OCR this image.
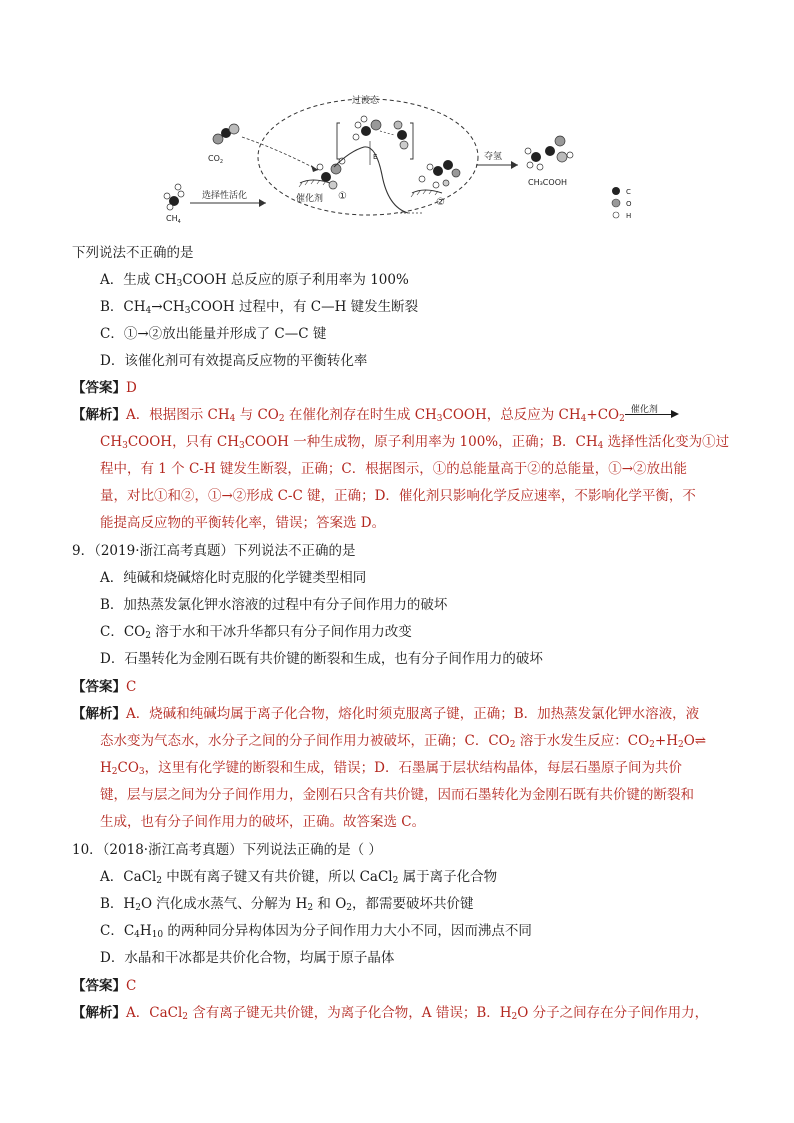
过渡态
$CO_2$
$CH_4$
选择性活化	催化剂 ①
E
②
夺氢
CH₃COOH
C
O
H
下列说法不正确的是
A．生成 $CH_3COOH$ 总反应的原子利用率为 100%
B．$CH_4\to CH_3COOH$ 过程中，有 C—H 键发生断裂
C．①→②放出能量并形成了 C—C 键
D．该催化剂可有效提高反应物的平衡转化率
【答案】D
【解析】A．根据图示 $CH_4$ 与 $CO_2$ 在催化剂存在时生成 $CH_3COOH$，总反应为 $CH_4+CO_2$
催化剂
$CH_3COOH$，只有 $CH_3COOH$ 一种生成物，原子利用率为 100%，正确；B．$CH_4$ 选择性活化变为①过
程中，有 1 个 C-H 键发生断裂，正确；C．根据图示，①的总能量高于②的总能量，①→②放出能
量，对比①和②，①→②形成 C-C 键，正确；D．催化剂只影响化学反应速率，不影响化学平衡，不
能提高反应物的平衡转化率，错误；答案选 D。
9．（2019·浙江高考真题）下列说法不正确的是
A．纯碱和烧碱熔化时克服的化学键类型相同
B．加热蒸发氯化钾水溶液的过程中有分子间作用力的破坏
C．$CO_2$ 溶于水和干冰升华都只有分子间作用力改变
D．石墨转化为金刚石既有共价键的断裂和生成，也有分子间作用力的破坏
【答案】C
【解析】A．烧碱和纯碱均属于离子化合物，熔化时须克服离子键，正确；B．加热蒸发氯化钾水溶液，液
态水变为气态水，水分子之间的分子间作用力被破坏，正确；C．$CO_2$ 溶于水发生反应：$CO_2+H_2O\rightleftharpoons$
$H_2CO_3$，这里有化学键的断裂和生成，错误；D．石墨属于层状结构晶体，每层石墨原子间为共价
键，层与层之间为分子间作用力，金刚石只含有共价键，因而石墨转化为金刚石既有共价键的断裂和
生成，也有分子间作用力的破坏，正确。故答案选 C。
10．（2018·浙江高考真题）下列说法正确的是（ ）
A．CaCl$_2$ 中既有离子键又有共价键，所以 CaCl$_2$ 属于离子化合物
B．$H_2O$ 汽化成水蒸气、分解为 $H_2$ 和 $O_2$，都需要破坏共价键
C．$C_4H_{10}$ 的两种同分异构体因为分子间作用力大小不同，因而沸点不同
D．水晶和干冰都是共价化合物，均属于原子晶体
【答案】C
【解析】A．CaCl$_2$ 含有离子键无共价键，为离子化合物，A 错误；B．$H_2O$ 分子之间存在分子间作用力，
